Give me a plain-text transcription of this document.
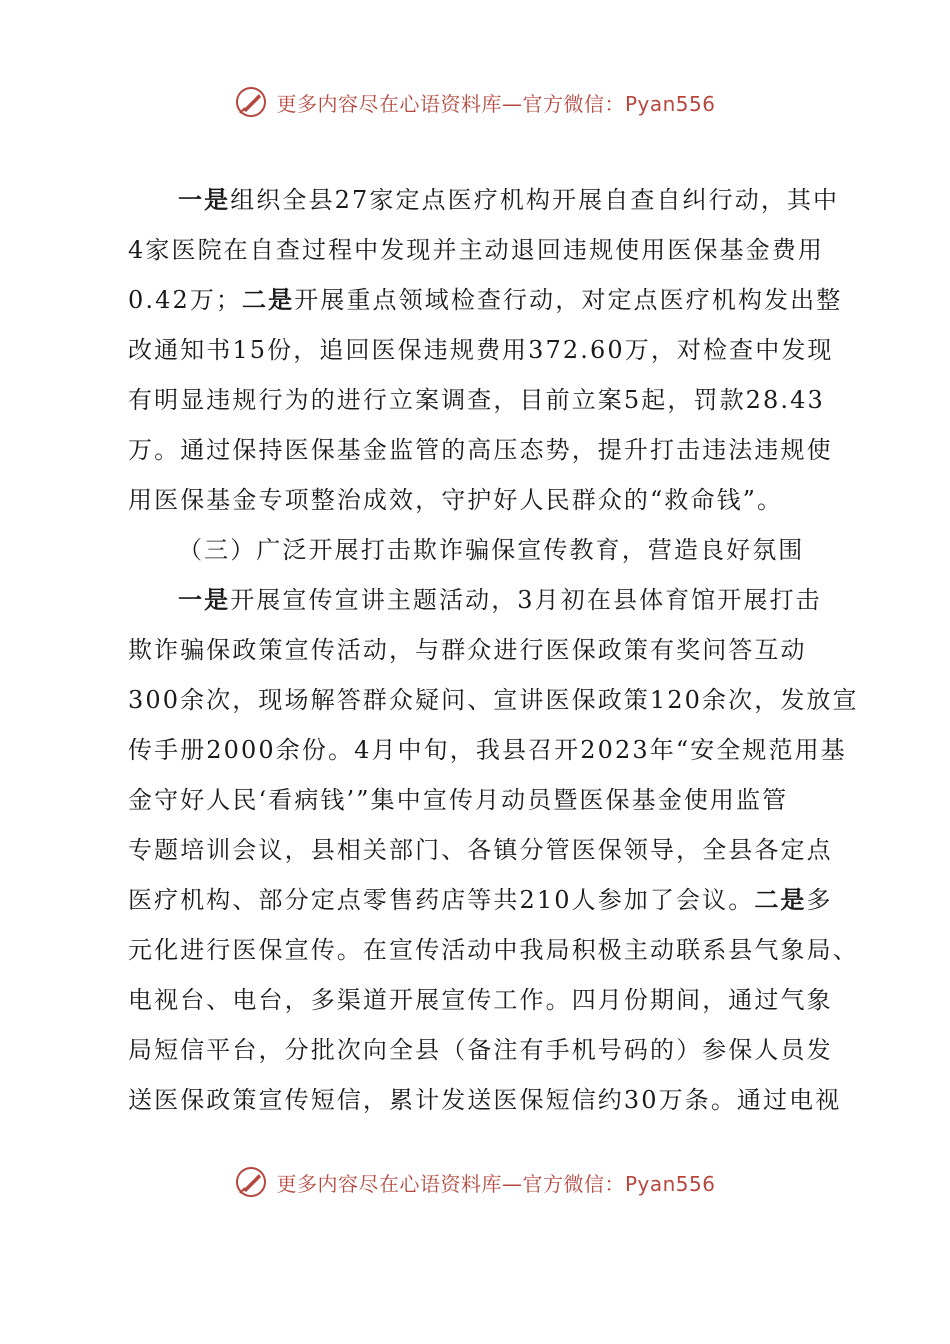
更多内容尽在心语资料库—官方微信：Pyan556
一是组织全县27家定点医疗机构开展自查自纠行动，其中
4家医院在自查过程中发现并主动退回违规使用医保基金费用
0.42万；二是开展重点领域检查行动，对定点医疗机构发出整
改通知书15份，追回医保违规费用372.60万，对检查中发现
有明显违规行为的进行立案调查，目前立案5起，罚款28.43
万。通过保持医保基金监管的高压态势，提升打击违法违规使
用医保基金专项整治成效，守护好人民群众的“救命钱”。
（三）广泛开展打击欺诈骗保宣传教育，营造良好氛围
一是开展宣传宣讲主题活动，3月初在县体育馆开展打击
欺诈骗保政策宣传活动，与群众进行医保政策有奖问答互动
300余次，现场解答群众疑问、宣讲医保政策120余次，发放宣
传手册2000余份。4月中旬，我县召开2023年“安全规范用基
金守好人民‘看病钱’”集中宣传月动员暨医保基金使用监管
专题培训会议，县相关部门、各镇分管医保领导，全县各定点
医疗机构、部分定点零售药店等共210人参加了会议。二是多
元化进行医保宣传。在宣传活动中我局积极主动联系县气象局、
电视台、电台，多渠道开展宣传工作。四月份期间，通过气象
局短信平台，分批次向全县（备注有手机号码的）参保人员发
送医保政策宣传短信，累计发送医保短信约30万条。通过电视
更多内容尽在心语资料库—官方微信：Pyan556
